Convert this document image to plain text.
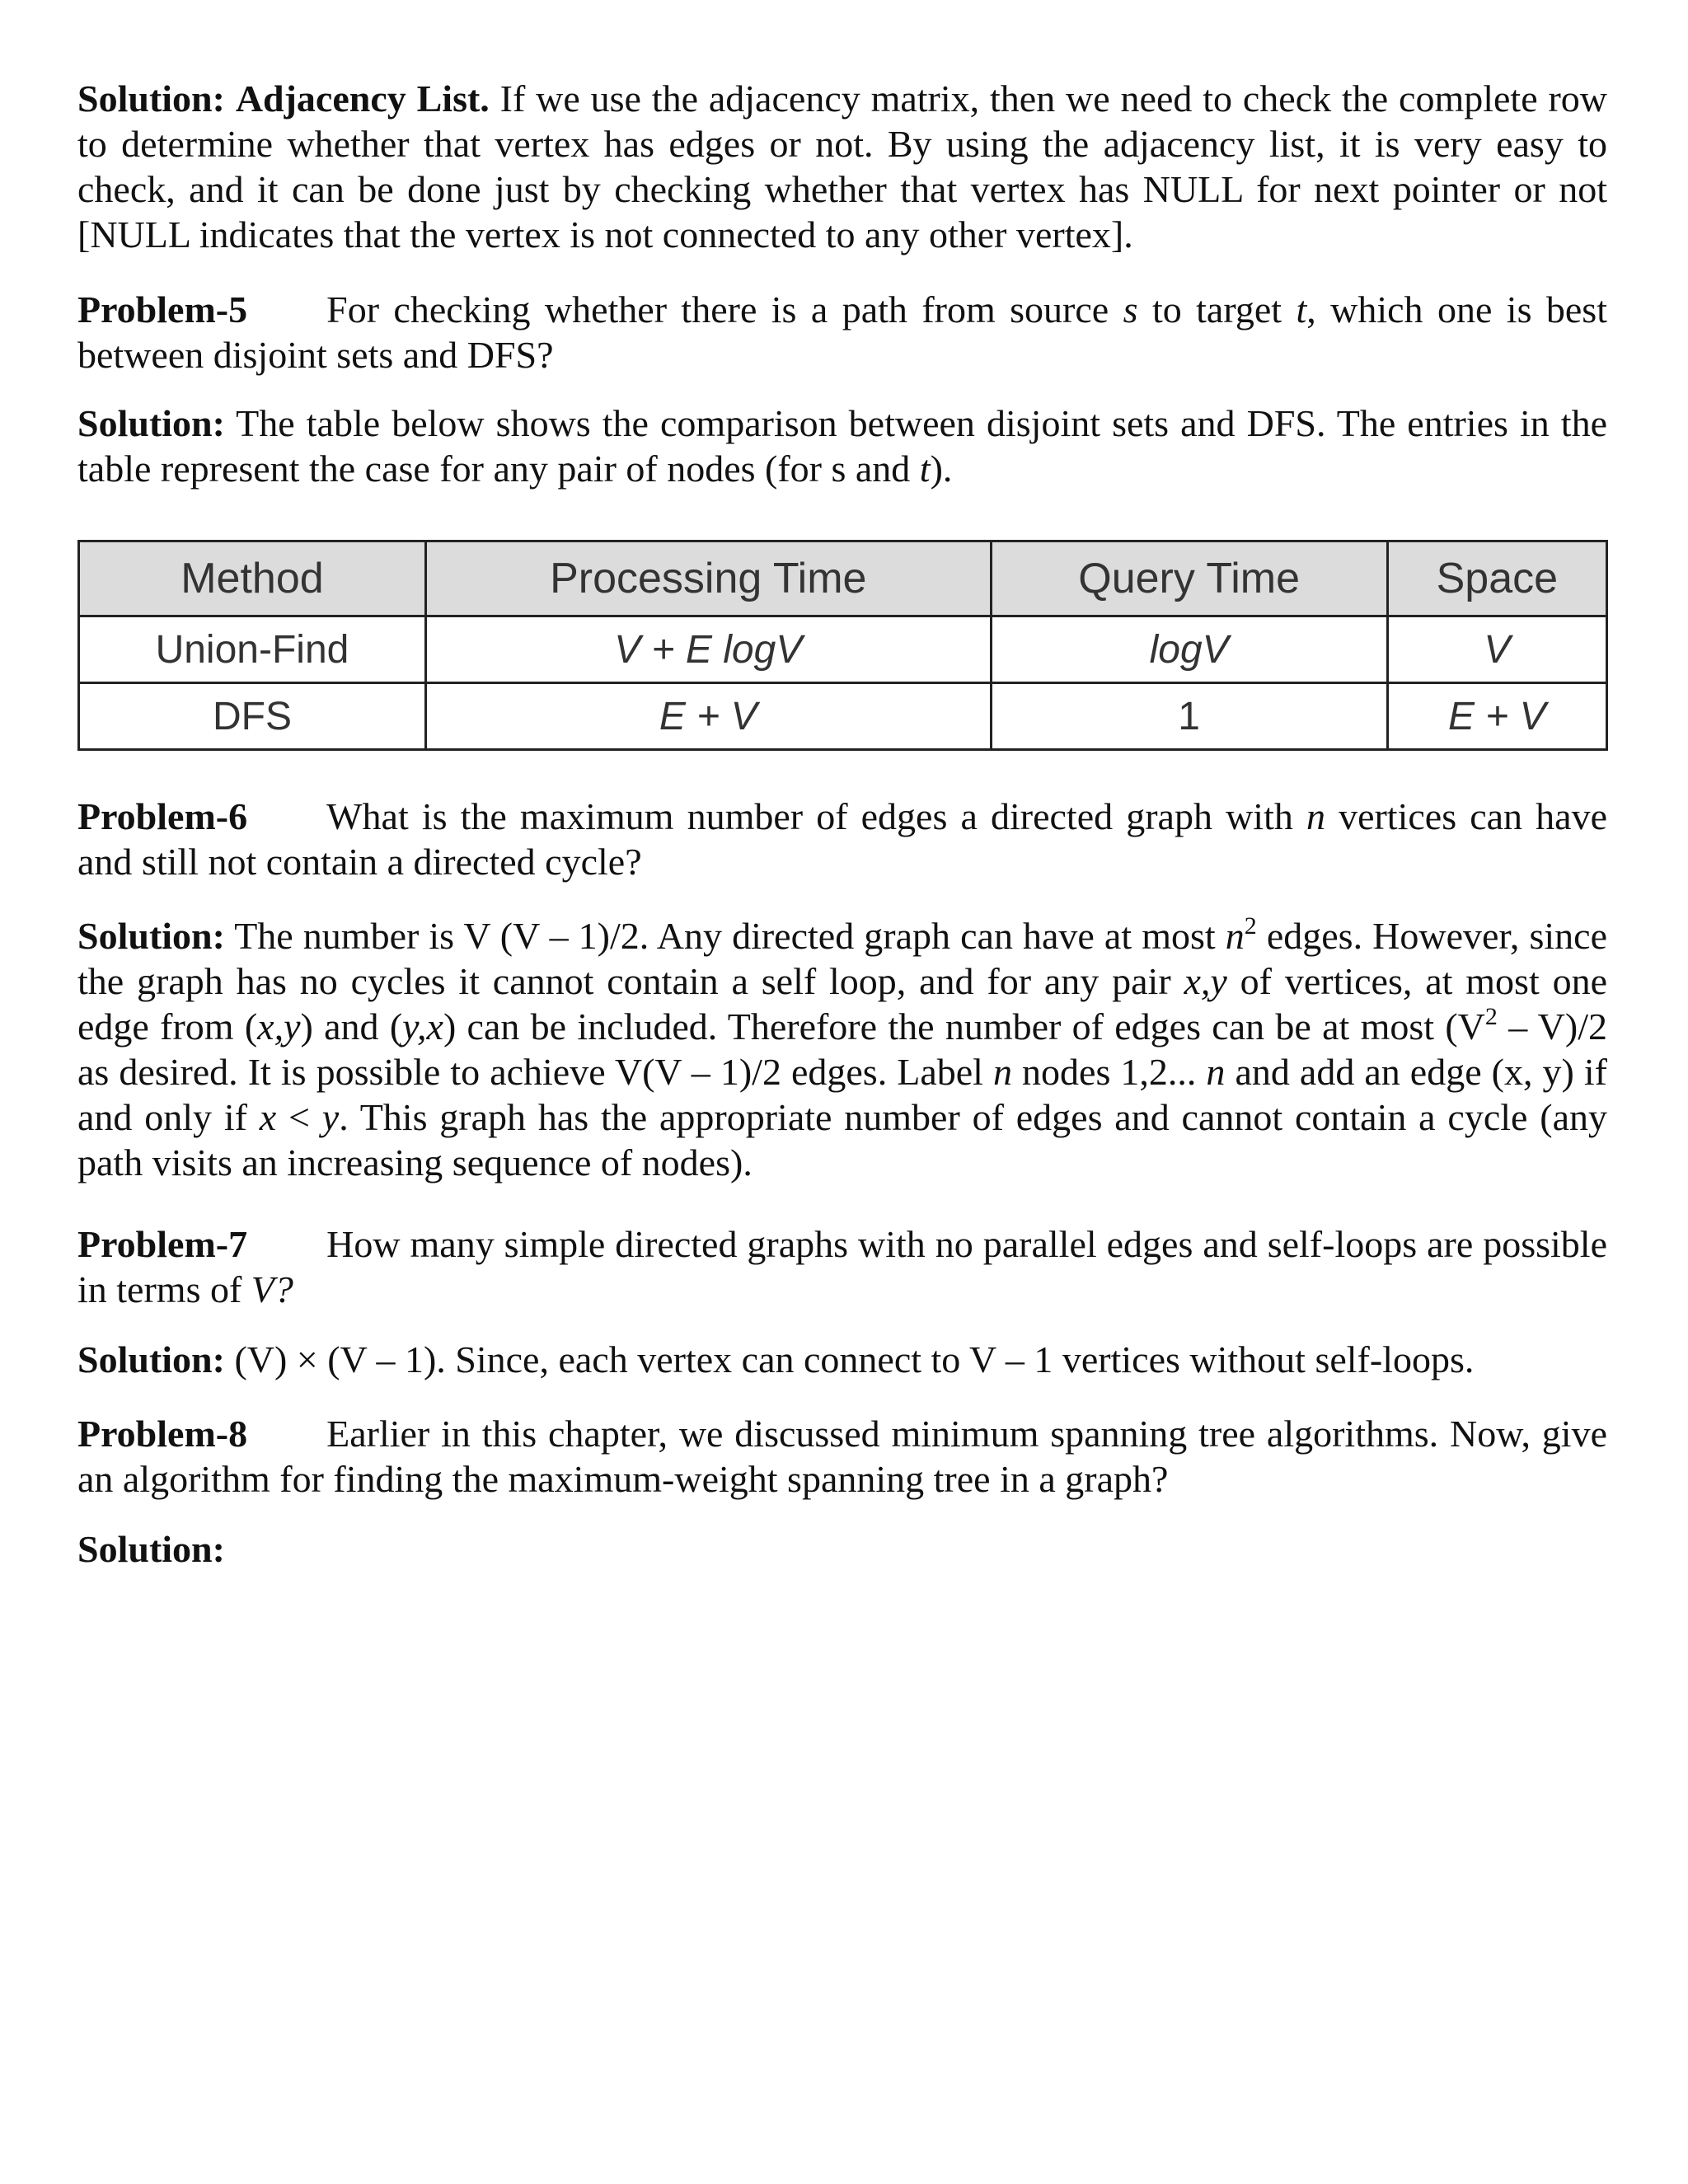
Solution: Adjacency List. If we use the adjacency matrix, then we need to check the complete row to determine whether that vertex has edges or not. By using the adjacency list, it is very easy to check, and it can be done just by checking whether that vertex has NULL for next pointer or not [NULL indicates that the vertex is not connected to any other vertex].

Problem-5 For checking whether there is a path from source s to target t, which one is best between disjoint sets and DFS?

Solution: The table below shows the comparison between disjoint sets and DFS. The entries in the table represent the case for any pair of nodes (for s and t).

Method	Processing Time	Query Time	Space
Union-Find	V + E logV	logV	V
DFS	E + V	1	E + V

Problem-6 What is the maximum number of edges a directed graph with n vertices can have and still not contain a directed cycle?

Solution: The number is V (V – 1)/2. Any directed graph can have at most $n^2$ edges. However, since the graph has no cycles it cannot contain a self loop, and for any pair x,y of vertices, at most one edge from (x,y) and (y,x) can be included. Therefore the number of edges can be at most $(V^2 - V)/2$ as desired. It is possible to achieve V(V – 1)/2 edges. Label n nodes 1,2... n and add an edge (x, y) if and only if x < y. This graph has the appropriate number of edges and cannot contain a cycle (any path visits an increasing sequence of nodes).

Problem-7 How many simple directed graphs with no parallel edges and self-loops are possible in terms of V?

Solution: (V) × (V – 1). Since, each vertex can connect to V – 1 vertices without self-loops.

Problem-8 Earlier in this chapter, we discussed minimum spanning tree algorithms. Now, give an algorithm for finding the maximum-weight spanning tree in a graph?

Solution:
